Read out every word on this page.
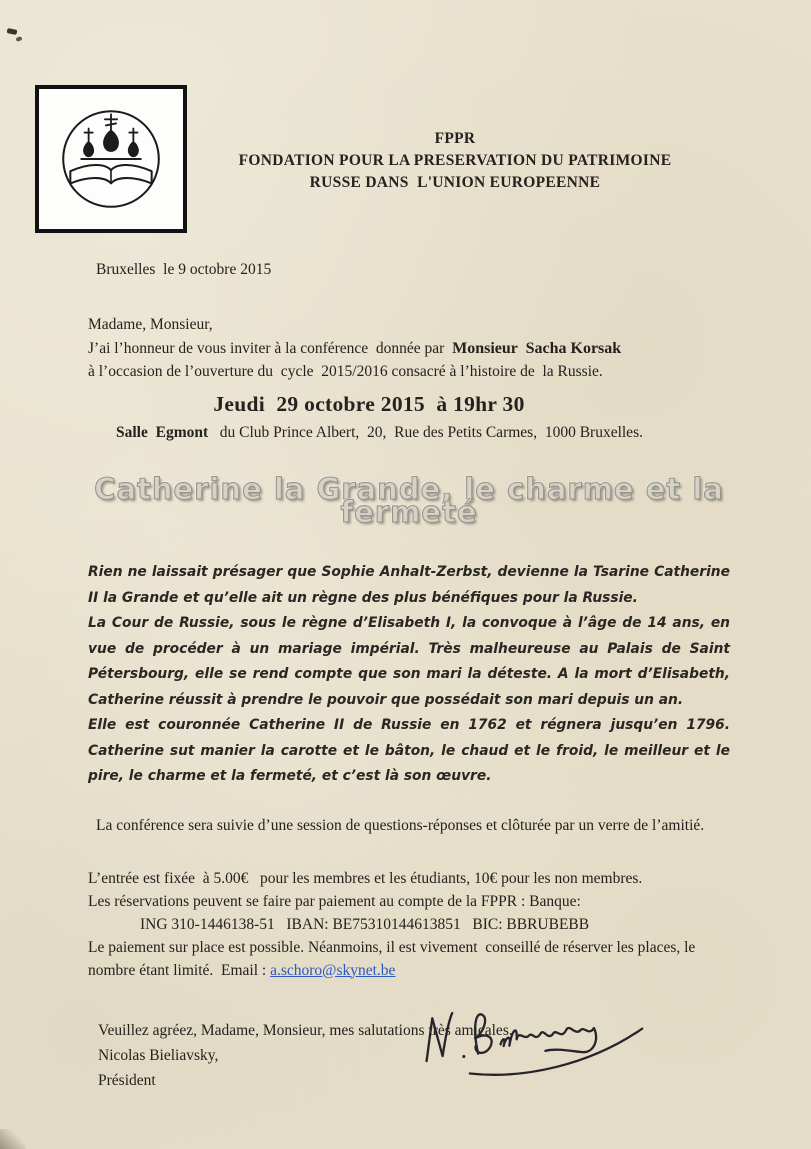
FPPR
FONDATION POUR LA PRESERVATION DU PATRIMOINE
RUSSE DANS  L'UNION EUROPEENNE
Bruxelles  le 9 octobre 2015
Madame, Monsieur,
J’ai l’honneur de vous inviter à la conférence  donnée par  Monsieur  Sacha Korsak
à l’occasion de l’ouverture du  cycle  2015/2016 consacré à l’histoire de  la Russie.
Jeudi  29 octobre 2015  à 19hr 30
Salle  Egmont   du Club Prince Albert,  20,  Rue des Petits Carmes,  1000 Bruxelles.
Catherine la Grande, le charme et la fermeté

Rien ne laissait présager que Sophie Anhalt-Zerbst, devienne la Tsarine Catherine II la Grande et qu’elle ait un règne des plus bénéfiques pour la Russie.

La Cour de Russie, sous le règne d’Elisabeth I, la convoque à l’âge de 14 ans, en vue de procéder à un mariage impérial. Très malheureuse au Palais de Saint Pétersbourg, elle se rend compte que son mari la déteste. A la mort d’Elisabeth, Catherine réussit à prendre le pouvoir que possédait son mari depuis un an.

Elle est couronnée Catherine II de Russie en 1762 et régnera jusqu’en 1796. Catherine sut manier la carotte et le bâton, le chaud et le froid, le meilleur et le pire, le charme et la fermeté, et c’est là son œuvre.

La conférence sera suivie d’une session de questions-réponses et clôturée par un verre de l’amitié.
L’entrée est fixée  à 5.00€   pour les membres et les étudiants, 10€ pour les non membres.
Les réservations peuvent se faire par paiement au compte de la FPPR : Banque:
ING 310-1446138-51   IBAN: BE75310144613851   BIC: BBRUBEBB
Le paiement sur place est possible. Néanmoins, il est vivement  conseillé de réserver les places, le nombre étant limité.  Email : a.schoro@skynet.be
Veuillez agréez, Madame, Monsieur, mes salutations très amicales.
Nicolas Bieliavsky,
Président
